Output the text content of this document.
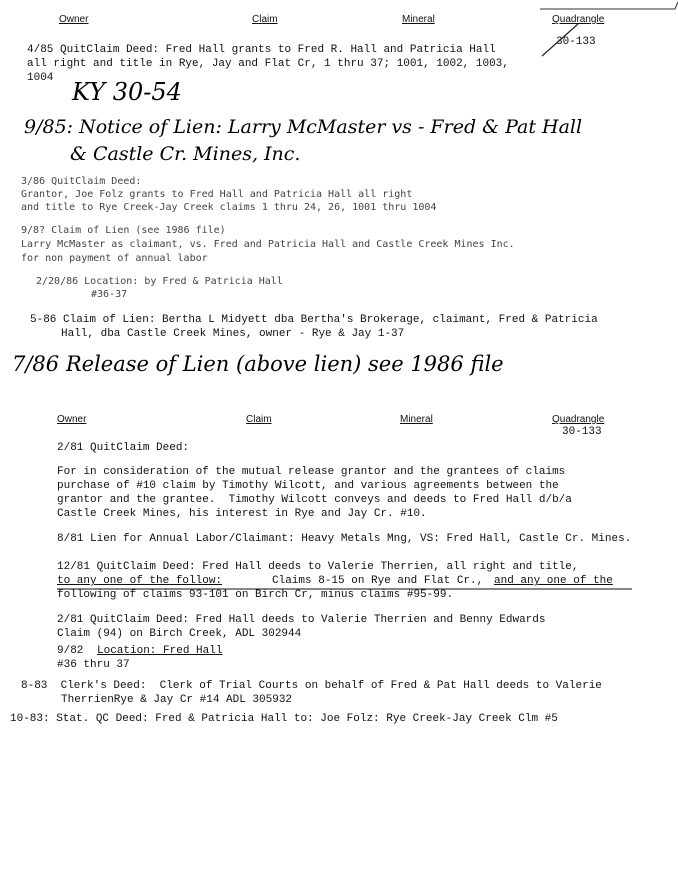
Owner	Claim	Mineral	Quadrangle
30-133
4/85 QuitClaim Deed: Fred Hall grants to Fred R. Hall and Patricia Hall
all right and title in Rye, Jay and Flat Cr, 1 thru 37; 1001, 1002, 1003,
1004 KY 30-54
9/85: Notice of Lien: Larry McMaster vs - Fred & Pat Hall
& Castle Cr. Mines, Inc.
3/86 QuitClaim Deed:
Grantor, Joe Folz grants to Fred Hall and Patricia Hall all right
and title to Rye Creek-Jay Creek claims 1 thru 24, 26, 1001 thru 1004
9/8? Claim of Lien (see 1986 file)
Larry McMaster as claimant, vs. Fred and Patricia Hall and Castle Creek Mines Inc.
for non payment of annual labor
2/20/86 Location: by Fred & Patricia Hall
#36-37
5-86 Claim of Lien: Bertha L Midyett dba Bertha's Brokerage, claimant, Fred & Patricia
Hall, dba Castle Creek Mines, owner - Rye & Jay 1-37
7/86 Release of Lien (above lien) see 1986 file
Owner	Claim	Mineral	Quadrangle
30-133
2/81 QuitClaim Deed:
For in consideration of the mutual release grantor and the grantees of claims
purchase of #10 claim by Timothy Wilcott, and various agreements between the
grantor and the grantee.  Timothy Wilcott conveys and deeds to Fred Hall d/b/a
Castle Creek Mines, his interest in Rye and Jay Cr. #10.
8/81 Lien for Annual Labor/Claimant: Heavy Metals Mng, VS: Fred Hall, Castle Cr. Mines.
12/81 QuitClaim Deed: Fred Hall deeds to Valerie Therrien, all right and title,
to any one of the follow:	Claims 8-15 on Rye and Flat Cr., and any one of the
following of claims 93-101 on Birch Cr, minus claims #95-99.
2/81 QuitClaim Deed: Fred Hall deeds to Valerie Therrien and Benny Edwards
Claim (94) on Birch Creek, ADL 302944
9/82 Location: Fred Hall
#36 thru 37
8-83  Clerk's Deed:  Clerk of Trial Courts on behalf of Fred & Pat Hall deeds to Valerie
TherrienRye & Jay Cr #14 ADL 305932
10-83: Stat. QC Deed: Fred & Patricia Hall to: Joe Folz: Rye Creek-Jay Creek Clm #5
